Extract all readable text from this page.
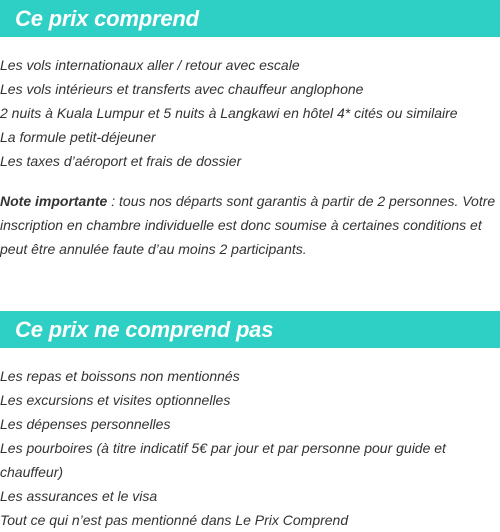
Ce prix comprend
Les vols internationaux aller / retour avec escale
Les vols intérieurs et transferts avec chauffeur anglophone
2 nuits à Kuala Lumpur et 5 nuits à Langkawi en hôtel 4* cités ou similaire
La formule petit-déjeuner
Les taxes d’aéroport et frais de dossier

Note importante : tous nos départs sont garantis à partir de 2 personnes. Votre inscription en chambre individuelle est donc soumise à certaines conditions et peut être annulée faute d’au moins 2 participants.

Ce prix ne comprend pas
Les repas et boissons non mentionnés
Les excursions et visites optionnelles
Les dépenses personnelles
Les pourboires (à titre indicatif 5€ par jour et par personne pour guide et chauffeur)
Les assurances et le visa
Tout ce qui n’est pas mentionné dans Le Prix Comprend
